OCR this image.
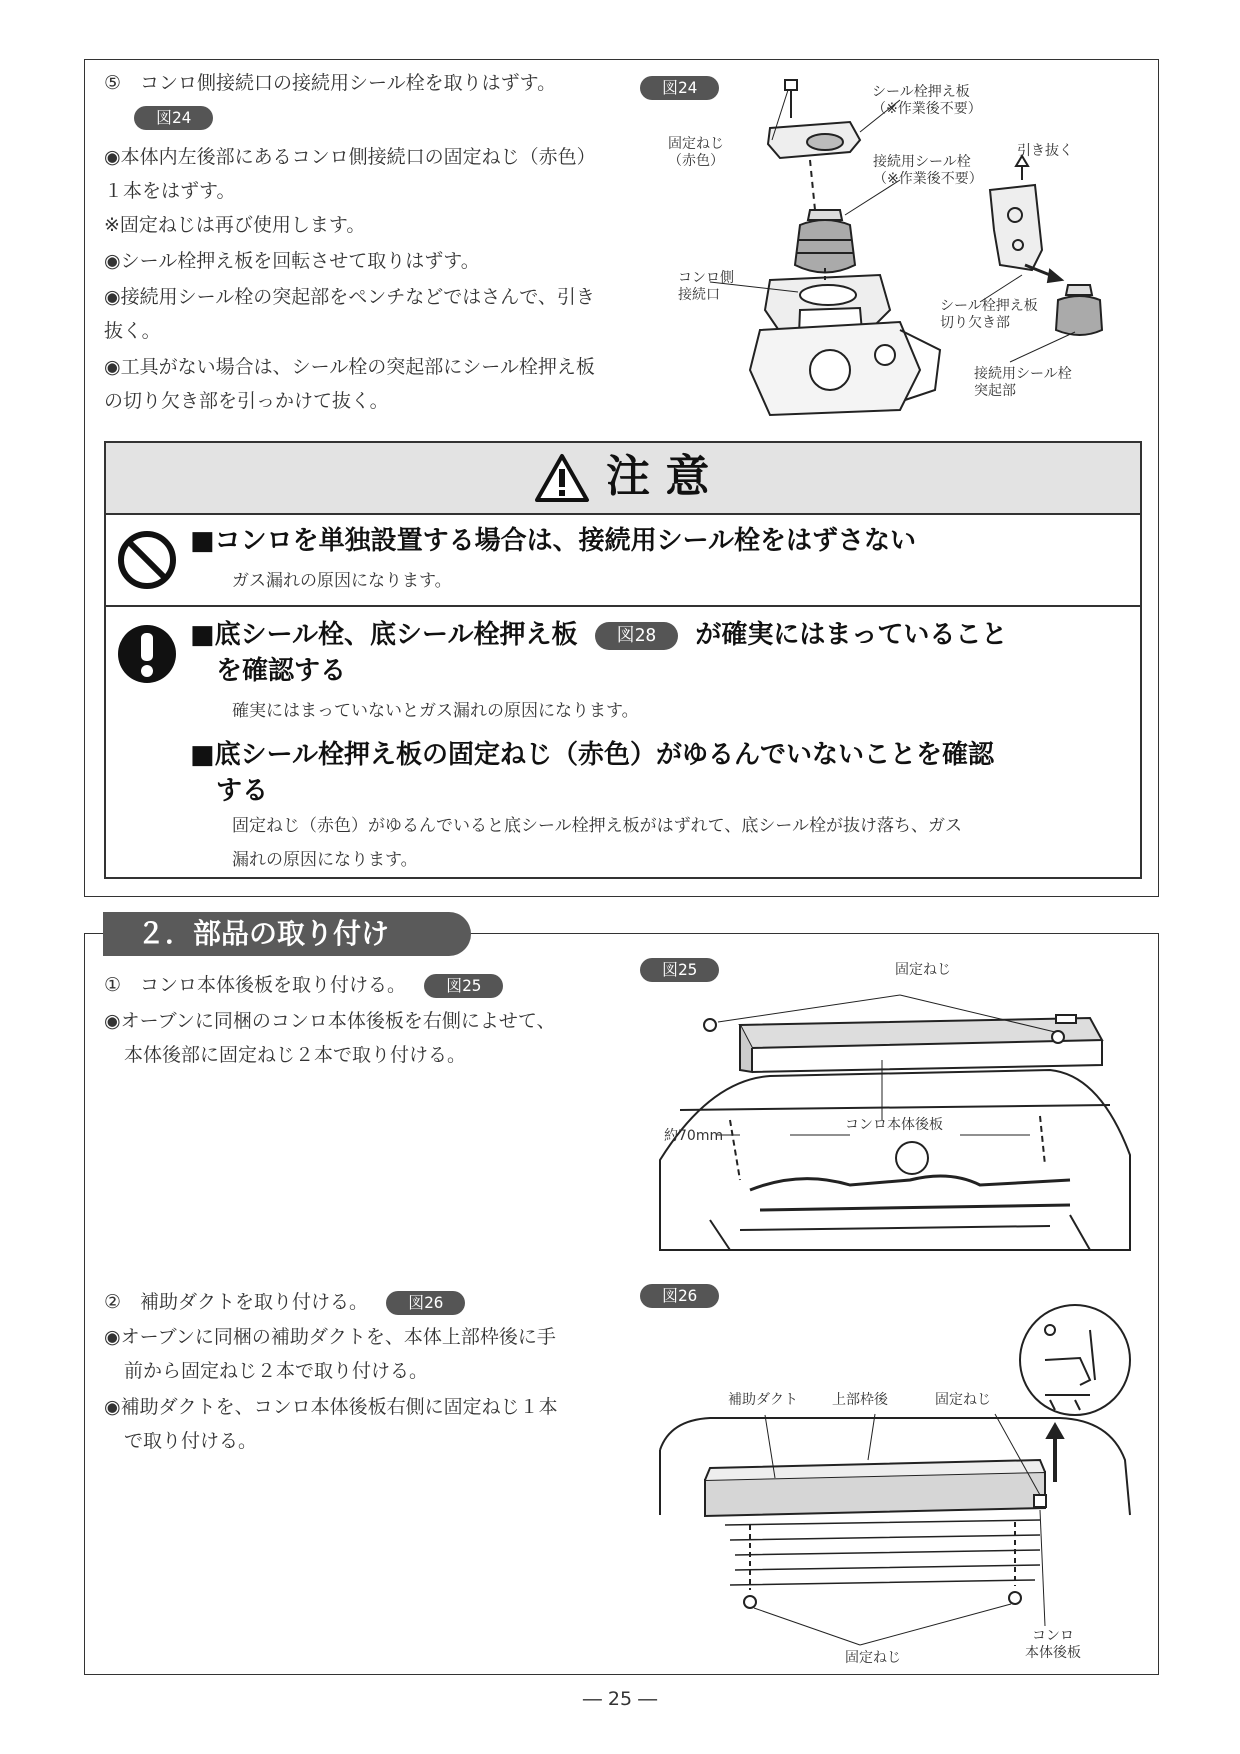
⑤　コンロ側接続口の接続用シール栓を取りはずす。
図24
◉本体内左後部にあるコンロ側接続口の固定ねじ（赤色）１本をはずす。
※固定ねじは再び使用します。
◉シール栓押え板を回転させて取りはずす。
◉接続用シール栓の突起部をペンチなどではさんで、引き抜く。
◉工具がない場合は、シール栓の突起部にシール栓押え板の切り欠き部を引っかけて抜く。
図24	シール栓押え板
（※作業後不要）
固定ねじ
（赤色）	接続用シール栓
（※作業後不要）
引き抜く
コンロ側
接続口
シール栓押え板
切り欠き部
接続用シール栓
突起部
注 意
■コンロを単独設置する場合は、接続用シール栓をはずさない
ガス漏れの原因になります。
■底シール栓、底シール栓押え板 図28 が確実にはまっていること
を確認する
確実にはまっていないとガス漏れの原因になります。
■底シール栓押え板の固定ねじ（赤色）がゆるんでいないことを確認
する
固定ねじ（赤色）がゆるんでいると底シール栓押え板がはずれて、底シール栓が抜け落ち、ガス
漏れの原因になります。
２．部品の取り付け
①　コンロ本体後板を取り付ける。	図25
◉オーブンに同梱のコンロ本体後板を右側によせて、
本体後部に固定ねじ２本で取り付ける。
図25	固定ねじ
約70mm
コンロ本体後板
②　補助ダクトを取り付ける。	図26
◉オーブンに同梱の補助ダクトを、本体上部枠後に手
前から固定ねじ２本で取り付ける。
◉補助ダクトを、コンロ本体後板右側に固定ねじ１本
で取り付ける。
図26
補助ダクト 上部枠後	固定ねじ
固定ねじ
コンロ
本体後板
― 25 ―
